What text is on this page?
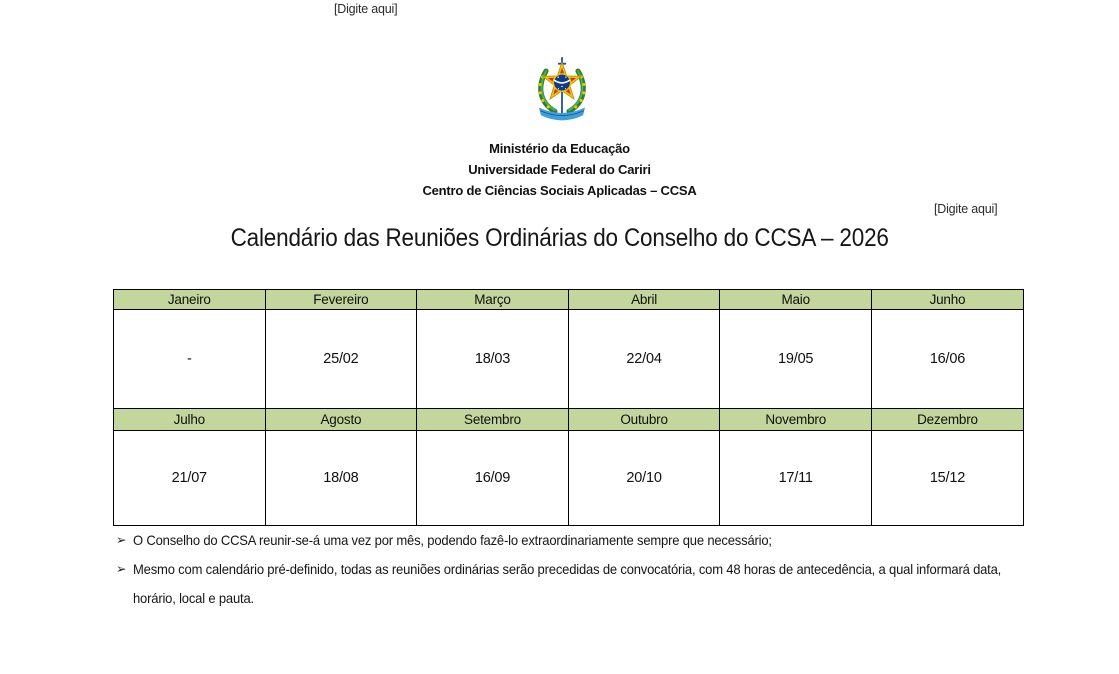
[Digite aqui]
Ministério da Educação
Universidade Federal do Cariri
Centro de Ciências Sociais Aplicadas – CCSA
[Digite aqui]
Calendário das Reuniões Ordinárias do Conselho do CCSA – 2026
Janeiro	Fevereiro	Março	Abril	Maio	Junho
-	25/02	18/03	22/04	19/05	16/06
Julho	Agosto	Setembro	Outubro	Novembro	Dezembro
21/07	18/08	16/09	20/10	17/11	15/12
➢ O Conselho do CCSA reunir-se-á uma vez por mês, podendo fazê-lo extraordinariamente sempre que necessário;
➢ Mesmo com calendário pré-definido, todas as reuniões ordinárias serão precedidas de convocatória, com 48 horas de antecedência, a qual informará data, horário, local e pauta.
